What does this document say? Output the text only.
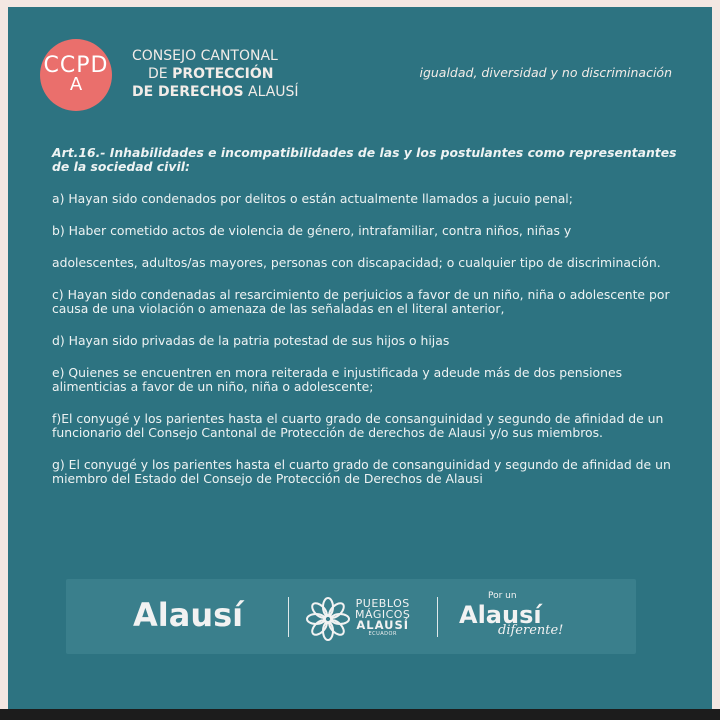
CCPD
A
CONSEJO CANTONAL
DE PROTECCIÓN
DE DERECHOS ALAUSÍ
igualdad, diversidad y no discriminación

Art.16.- Inhabilidades e incompatibilidades de las y los postulantes como representantes de la sociedad civil:

a) Hayan sido condenados por delitos o están actualmente llamados a jucuio penal;

b) Haber cometido actos de violencia de género, intrafamiliar, contra niños, niñas y

adolescentes, adultos/as mayores, personas con discapacidad; o cualquier tipo de discriminación.

c) Hayan sido condenadas al resarcimiento de perjuicios a favor de un niño, niña o adolescente por causa de una violación o amenaza de las señaladas en el literal anterior,

d) Hayan sido privadas de la patria potestad de sus hijos o hijas

e) Quienes se encuentren en mora reiterada e injustificada y adeude más de dos pensiones alimenticias a favor de un niño, niña o adolescente;

f)El conyugé y los parientes hasta el cuarto grado de consanguinidad y segundo de afinidad de un funcionario del Consejo Cantonal de Protección de derechos de Alausi y/o sus miembros.

g) El conyugé y los parientes hasta el cuarto grado de consanguinidad y segundo de afinidad de un miembro del Estado del Consejo de Protección de Derechos de Alausi

Alausí	PUEBLOS
MÁGICOS
ALAUSÍ
ECUADOR
Por un
Alausí
diferente!
